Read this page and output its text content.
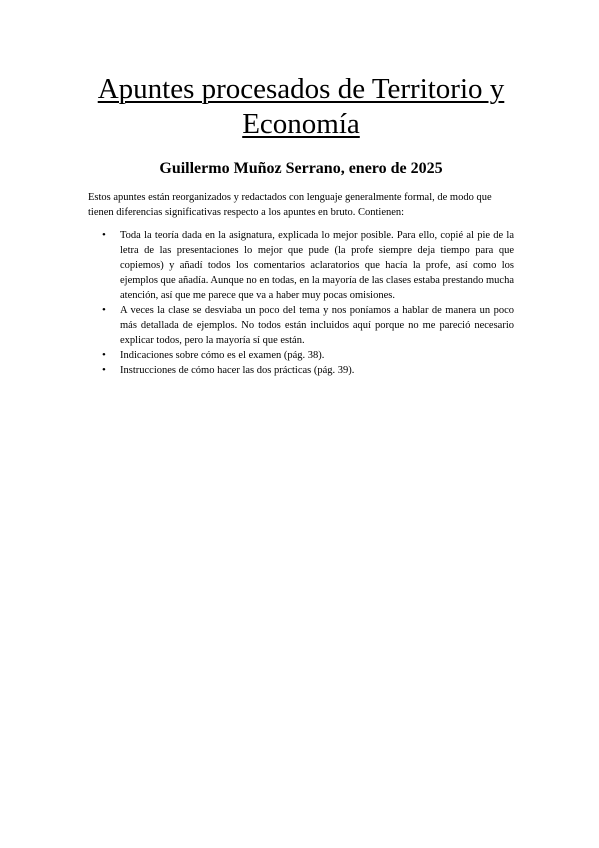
Apuntes procesados de Territorio y Economía

Guillermo Muñoz Serrano, enero de 2025

Estos apuntes están reorganizados y redactados con lenguaje generalmente formal, de modo que tienen diferencias significativas respecto a los apuntes en bruto. Contienen:

• Toda la teoría dada en la asignatura, explicada lo mejor posible. Para ello, copié al pie de la letra de las presentaciones lo mejor que pude (la profe siempre deja tiempo para que copiemos) y añadí todos los comentarios aclaratorios que hacía la profe, así como los ejemplos que añadía. Aunque no en todas, en la mayoría de las clases estaba prestando mucha atención, así que me parece que va a haber muy pocas omisiones.
• A veces la clase se desviaba un poco del tema y nos poníamos a hablar de manera un poco más detallada de ejemplos. No todos están incluidos aquí porque no me pareció necesario explicar todos, pero la mayoría sí que están.
• Indicaciones sobre cómo es el examen (pág. 38).
• Instrucciones de cómo hacer las dos prácticas (pág. 39).
